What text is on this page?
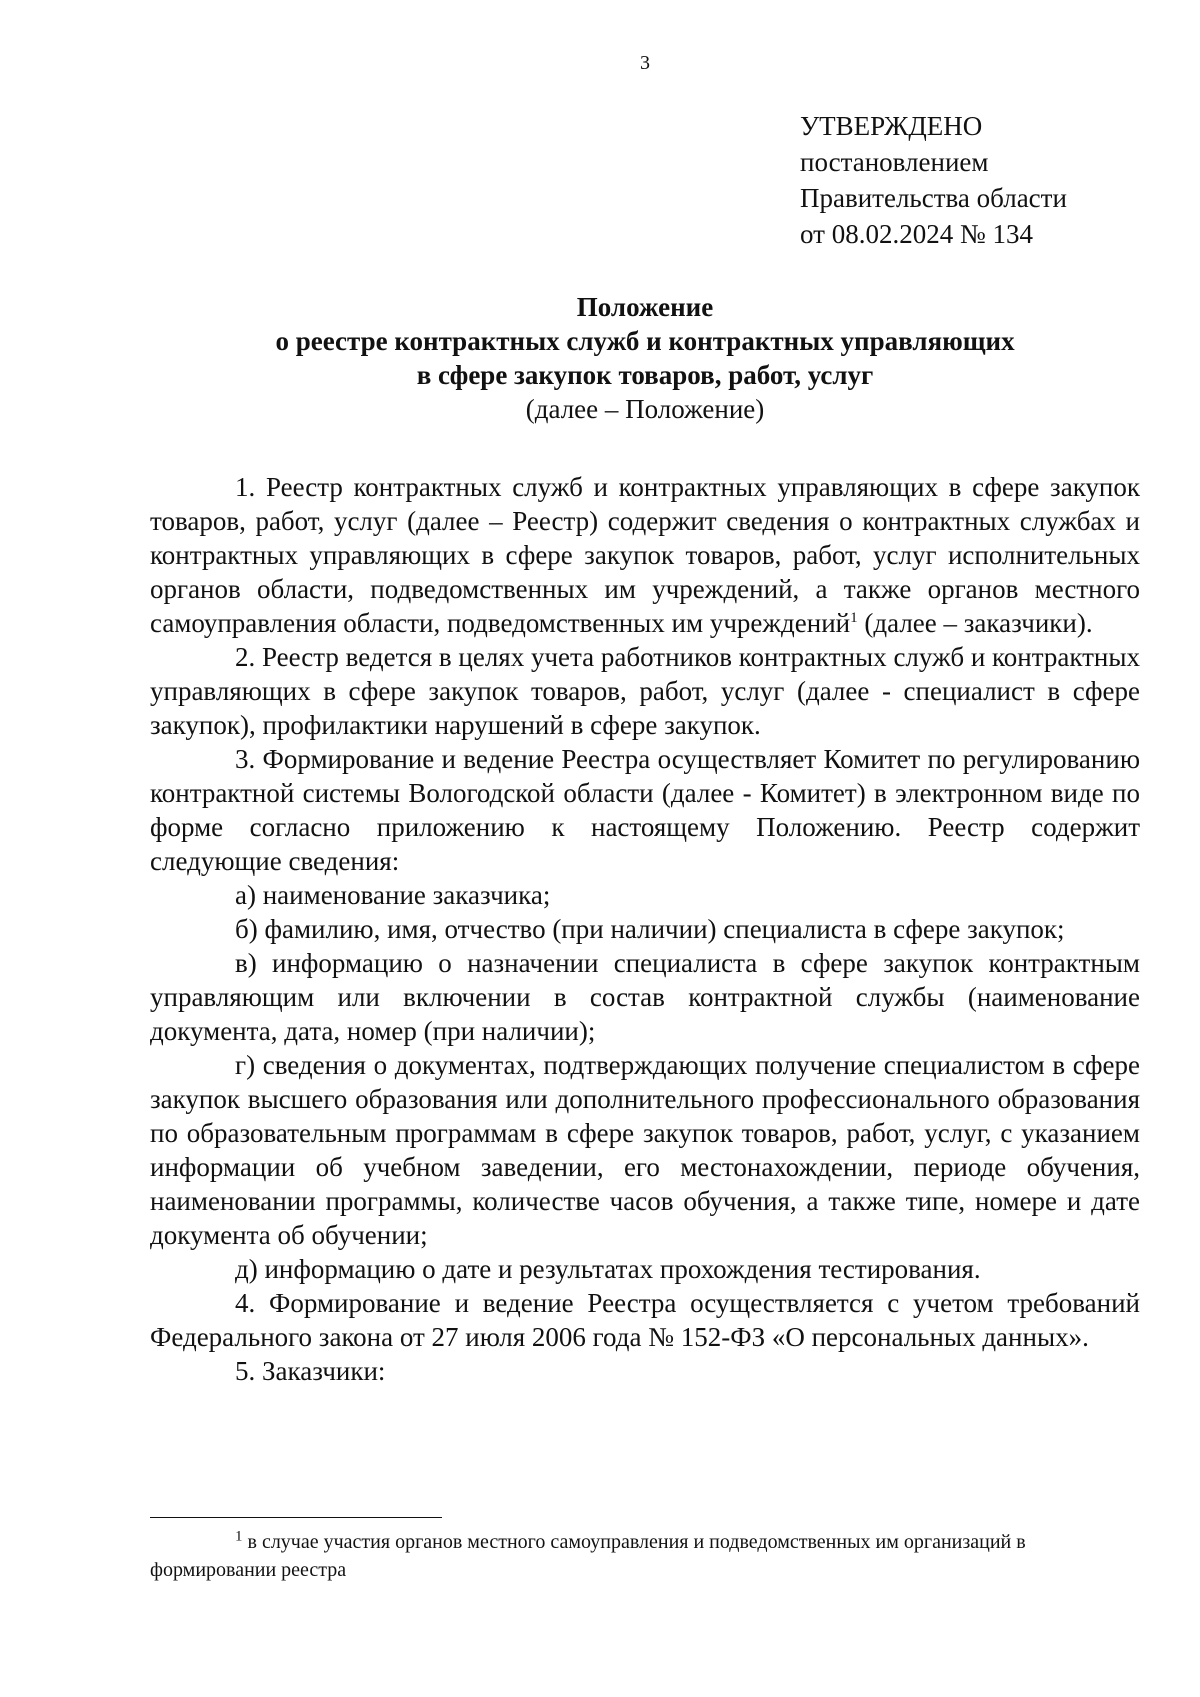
3
УТВЕРЖДЕНО
постановлением
Правительства области
от 08.02.2024 № 134
Положение
о реестре контрактных служб и контрактных управляющих
в сфере закупок товаров, работ, услуг
(далее – Положение)

1. Реестр контрактных служб и контрактных управляющих в сфере закупок товаров, работ, услуг (далее – Реестр) содержит сведения о контрактных службах и контрактных управляющих в сфере закупок товаров, работ, услуг исполнительных органов области, подведомственных им учреждений, а также органов местного самоуправления области, подведомственных им учреждений$^1$ (далее – заказчики).

2. Реестр ведется в целях учета работников контрактных служб и контрактных управляющих в сфере закупок товаров, работ, услуг (далее - специалист в сфере закупок), профилактики нарушений в сфере закупок.

3. Формирование и ведение Реестра осуществляет Комитет по регулированию контрактной системы Вологодской области (далее - Комитет) в электронном виде по форме согласно приложению к настоящему Положению. Реестр содержит следующие сведения:

а) наименование заказчика;

б) фамилию, имя, отчество (при наличии) специалиста в сфере закупок;

в) информацию о назначении специалиста в сфере закупок контрактным управляющим или включении в состав контрактной службы (наименование документа, дата, номер (при наличии);

г) сведения о документах, подтверждающих получение специалистом в сфере закупок высшего образования или дополнительного профессионального образования по образовательным программам в сфере закупок товаров, работ, услуг, с указанием информации об учебном заведении, его местонахождении, периоде обучения, наименовании программы, количестве часов обучения, а также типе, номере и дате документа об обучении;

д) информацию о дате и результатах прохождения тестирования.

4. Формирование и ведение Реестра осуществляется с учетом требований Федерального закона от 27 июля 2006 года № 152-ФЗ «О персональных данных».

5. Заказчики:

$^1$ в случае участия органов местного самоуправления и подведомственных им организаций в формировании реестра
